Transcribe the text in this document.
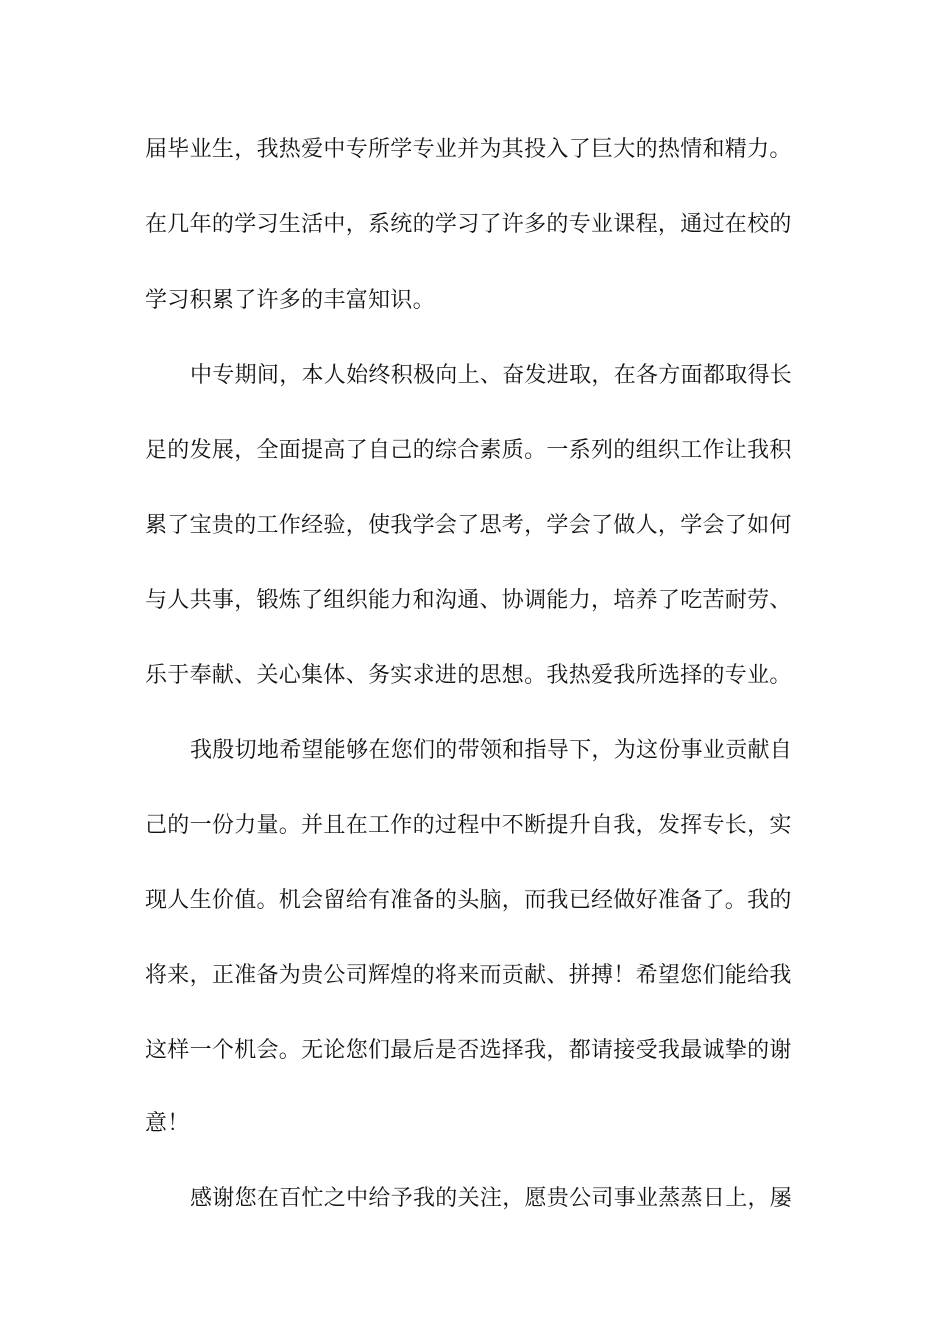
届毕业生，我热爱中专所学专业并为其投入了巨大的热情和精力。
在几年的学习生活中，系统的学习了许多的专业课程，通过在校的
学习积累了许多的丰富知识。
中专期间，本人始终积极向上、奋发进取，在各方面都取得长
足的发展，全面提高了自己的综合素质。一系列的组织工作让我积
累了宝贵的工作经验，使我学会了思考，学会了做人，学会了如何
与人共事，锻炼了组织能力和沟通、协调能力，培养了吃苦耐劳、
乐于奉献、关心集体、务实求进的思想。我热爱我所选择的专业。
我殷切地希望能够在您们的带领和指导下，为这份事业贡献自
己的一份力量。并且在工作的过程中不断提升自我，发挥专长，实
现人生价值。机会留给有准备的头脑，而我已经做好准备了。我的
将来，正准备为贵公司辉煌的将来而贡献、拼搏！希望您们能给我
这样一个机会。无论您们最后是否选择我，都请接受我最诚挚的谢
意！
感谢您在百忙之中给予我的关注，愿贵公司事业蒸蒸日上，屡
